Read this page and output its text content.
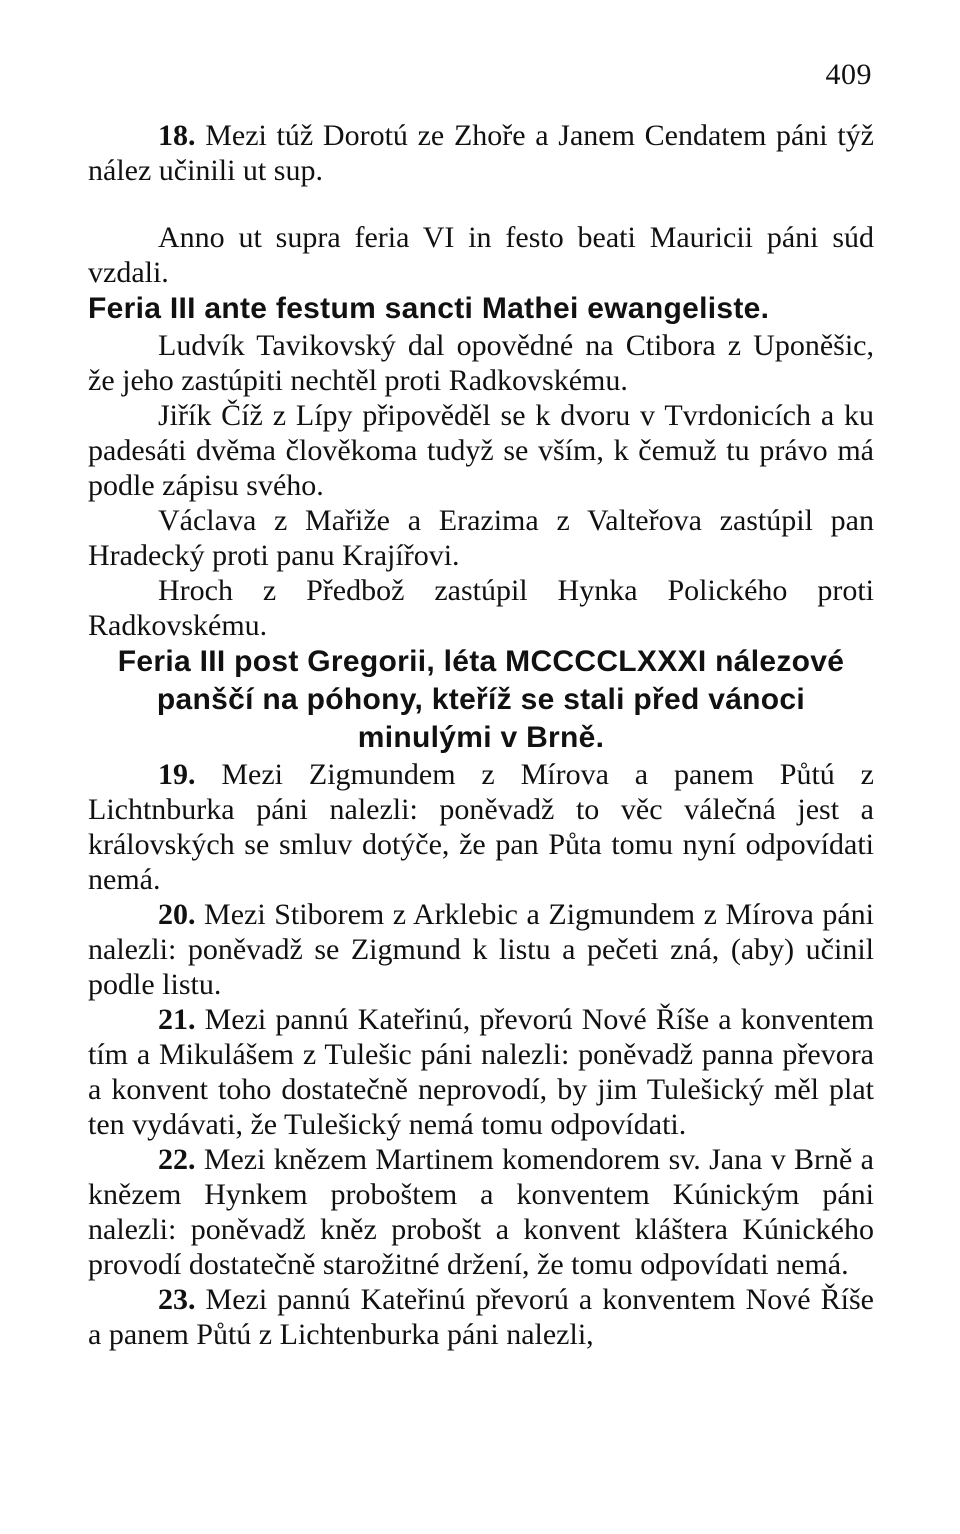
409

18. Mezi túž Dorotú ze Zhoře a Janem Cendatem páni týž nález učinili ut sup.

Anno ut supra feria VI in festo beati Mauricii páni súd vzdali.

Feria III ante festum sancti Mathei ewangeliste.

Ludvík Tavikovský dal opovědné na Ctibora z Uponěšic, že jeho zastúpiti nechtěl proti Radkovskému.

Jiřík Číž z Lípy připověděl se k dvoru v Tvrdonicích a ku padesáti dvěma člověkoma tudyž se vším, k čemuž tu právo má podle zápisu svého.

Václava z Mařiže a Erazima z Valteřova zastúpil pan Hradecký proti panu Krajířovi.

Hroch z Předbož zastúpil Hynka Polického proti Radkovskému.

Feria III post Gregorii, léta MCCCCLXXXI nálezové panščí na póhony, kteříž se stali před vánoci minulými v Brně.

19. Mezi Zigmundem z Mírova a panem Půtú z Lichtnburka páni nalezli: poněvadž to věc válečná jest a královských se smluv dotýče, že pan Půta tomu nyní odpovídati nemá.

20. Mezi Stiborem z Arklebic a Zigmundem z Mírova páni nalezli: poněvadž se Zigmund k listu a pečeti zná, (aby) učinil podle listu.

21. Mezi pannú Kateřinú, převorú Nové Říše a konventem tím a Mikulášem z Tulešic páni nalezli: poněvadž panna převora a konvent toho dostatečně neprovodí, by jim Tulešický měl plat ten vydávati, že Tulešický nemá tomu odpovídati.

22. Mezi knězem Martinem komendorem sv. Jana v Brně a knězem Hynkem proboštem a konventem Kúnickým páni nalezli: poněvadž kněz probošt a konvent kláštera Kúnického provodí dostatečně starožitné držení, že tomu odpovídati nemá.

23. Mezi pannú Kateřinú převorú a konventem Nové Říše a panem Půtú z Lichtenburka páni nalezli,
